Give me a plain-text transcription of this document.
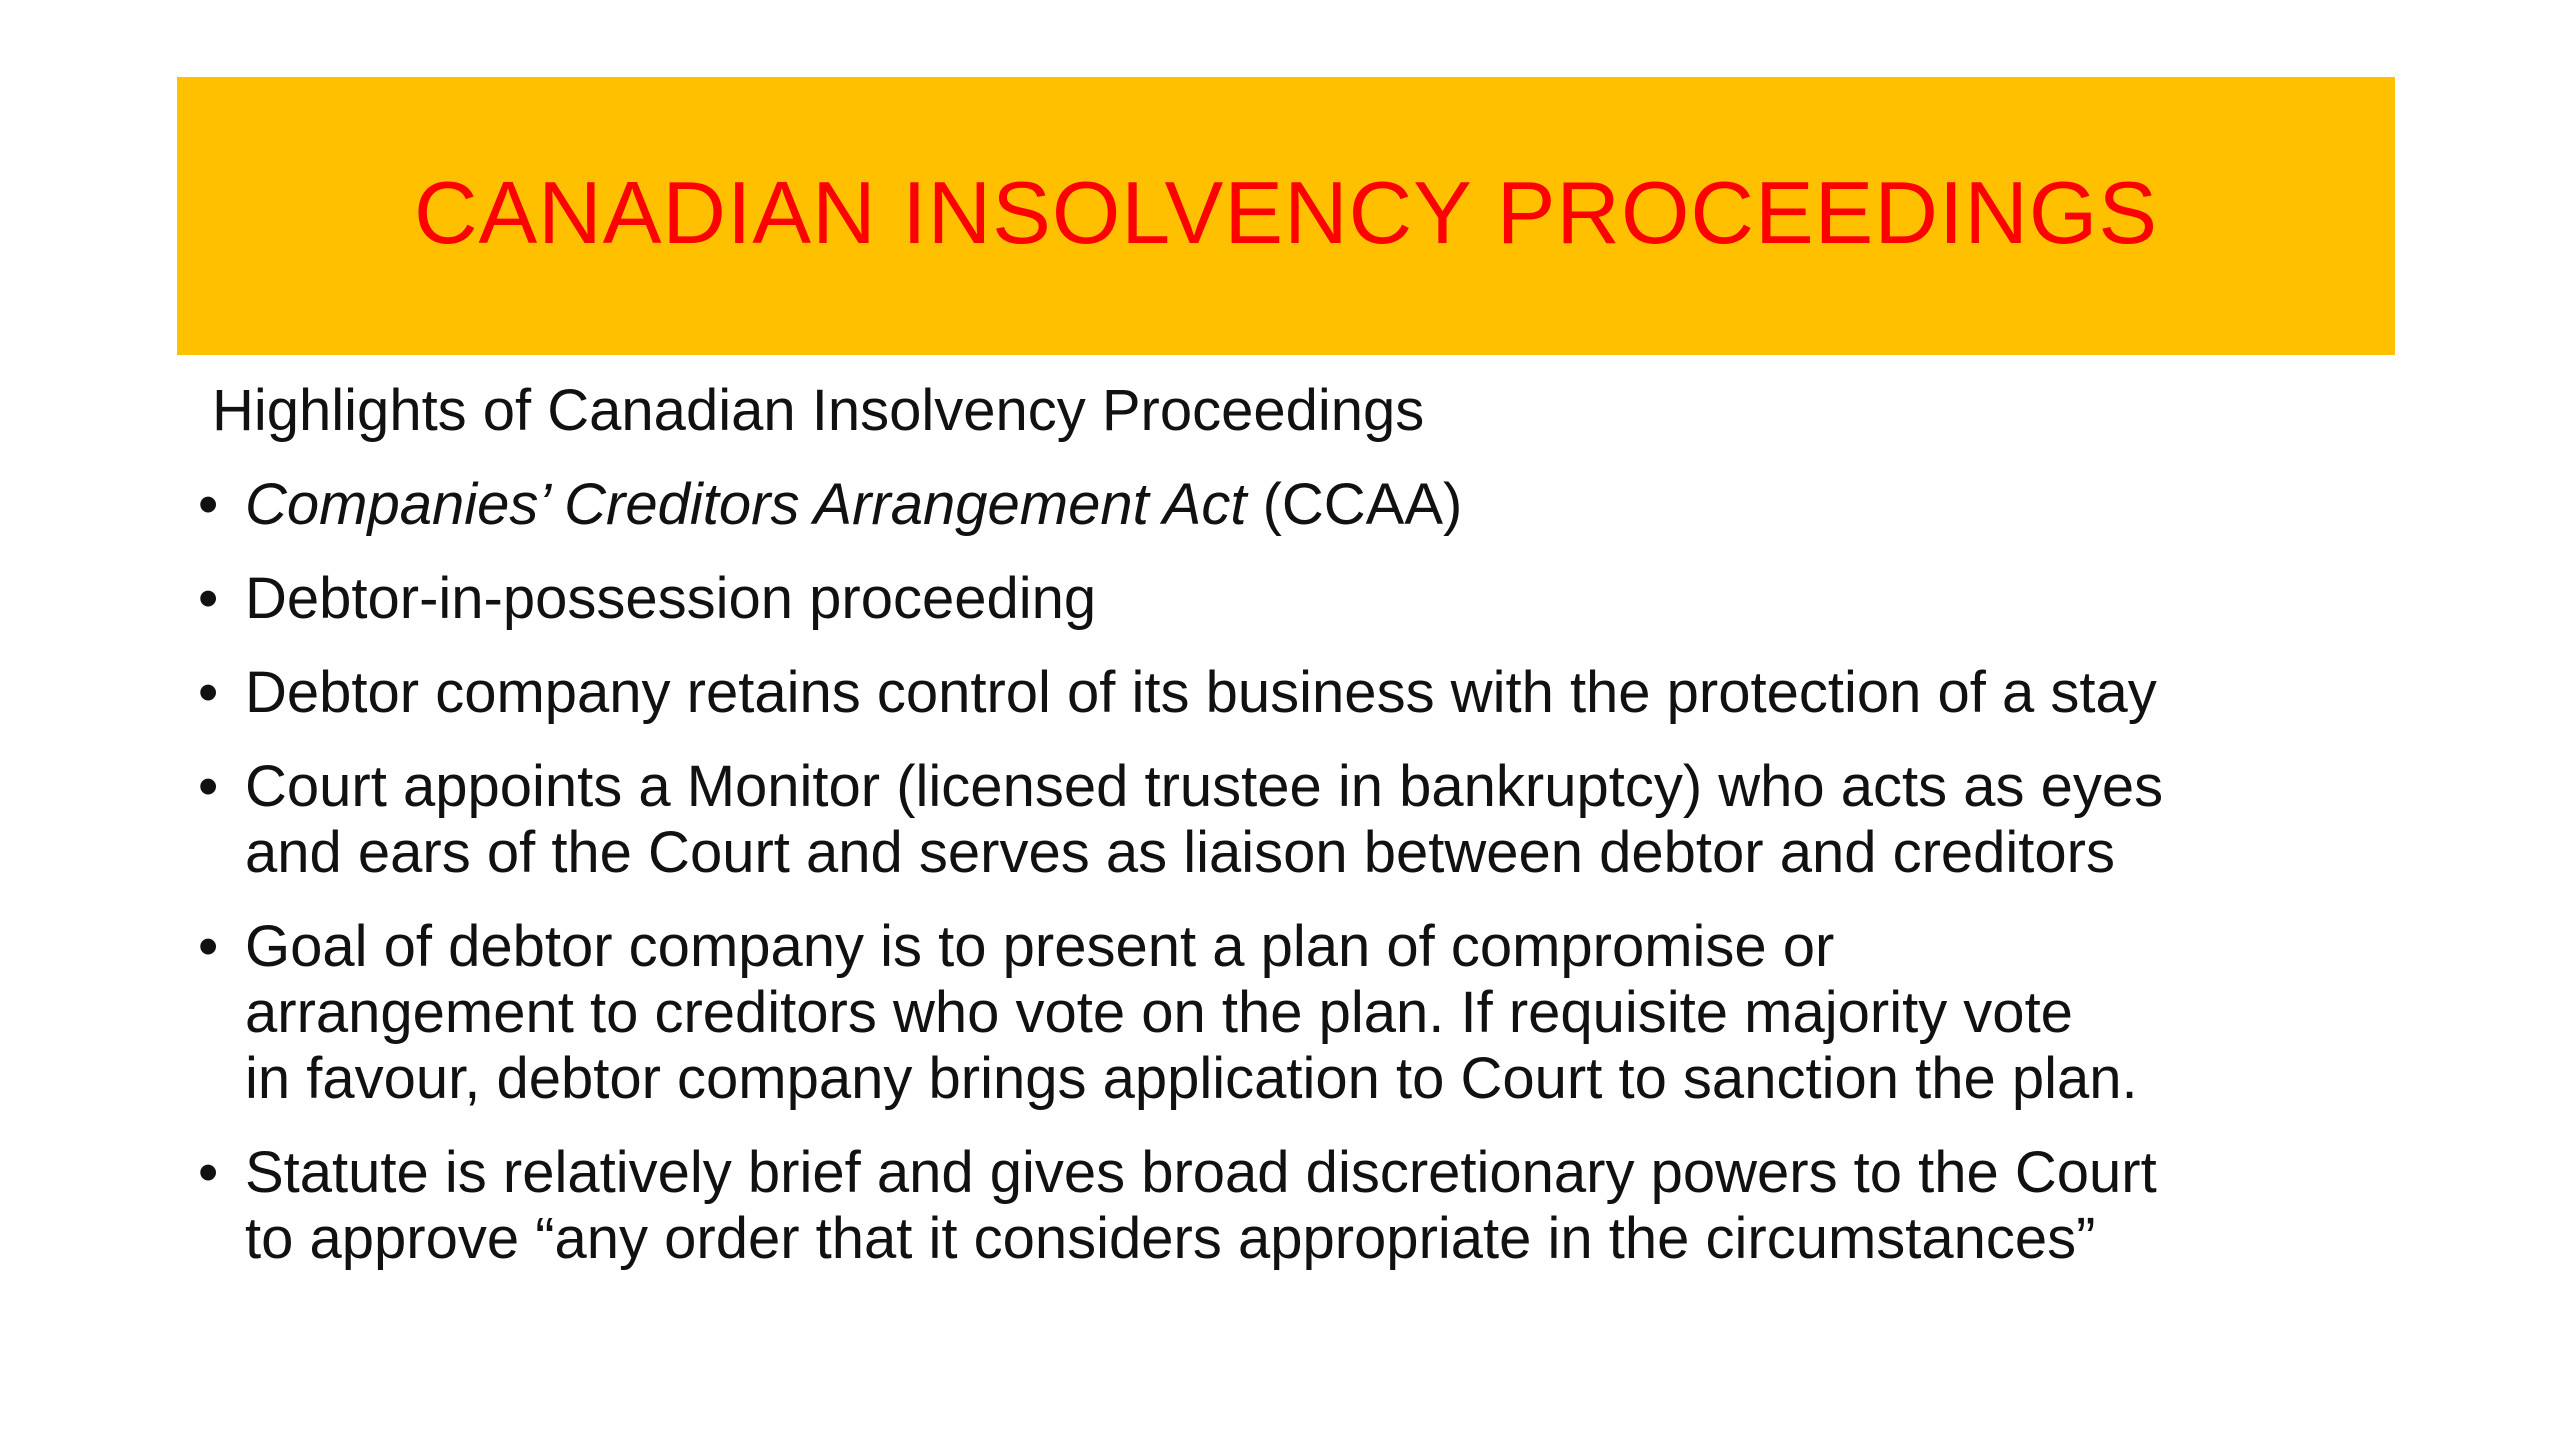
CANADIAN INSOLVENCY PROCEEDINGS
Highlights of Canadian Insolvency Proceedings
• Companies’ Creditors Arrangement Act (CCAA)
• Debtor-in-possession proceeding
• Debtor company retains control of its business with the protection of a stay
• Court appoints a Monitor (licensed trustee in bankruptcy) who acts as eyes
and ears of the Court and serves as liaison between debtor and creditors
• Goal of debtor company is to present a plan of compromise or
arrangement to creditors who vote on the plan. If requisite majority vote
in favour, debtor company brings application to Court to sanction the plan.
• Statute is relatively brief and gives broad discretionary powers to the Court
to approve “any order that it considers appropriate in the circumstances”
